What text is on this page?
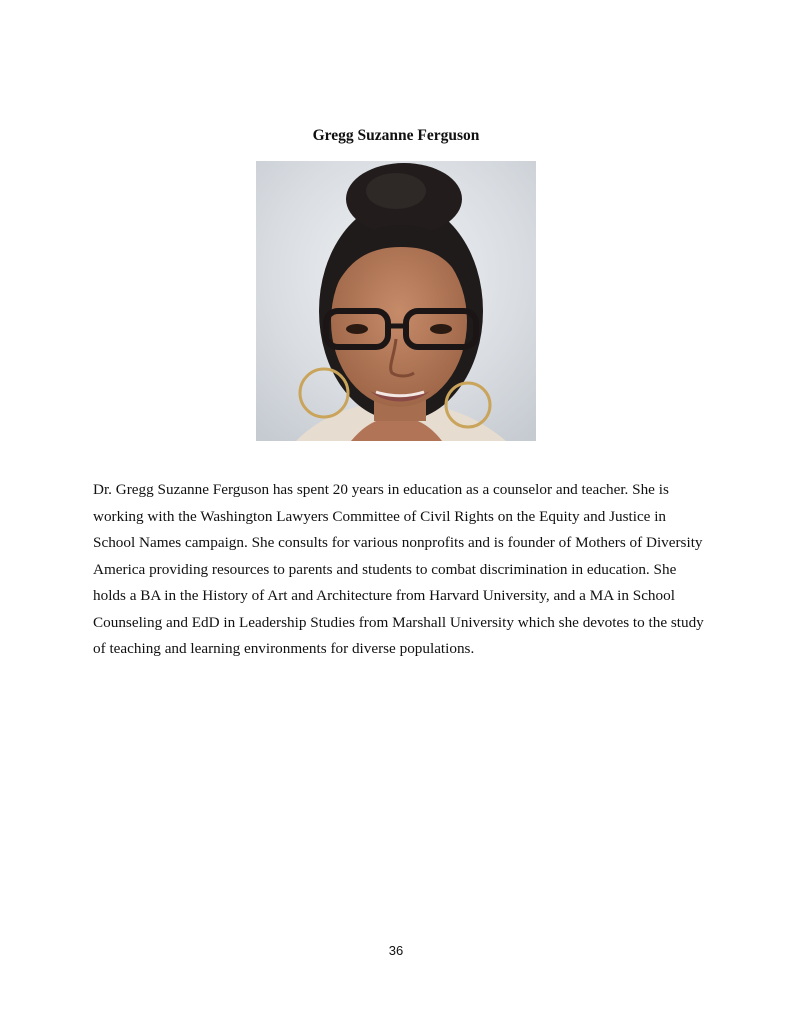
Gregg Suzanne Ferguson

Dr. Gregg Suzanne Ferguson has spent 20 years in education as a counselor and teacher. She is working with the Washington Lawyers Committee of Civil Rights on the Equity and Justice in School Names campaign. She consults for various nonprofits and is founder of Mothers of Diversity America providing resources to parents and students to combat discrimination in education. She holds a BA in the History of Art and Architecture from Harvard University, and a MA in School Counseling and EdD in Leadership Studies from Marshall University which she devotes to the study of teaching and learning environments for diverse populations.

36
